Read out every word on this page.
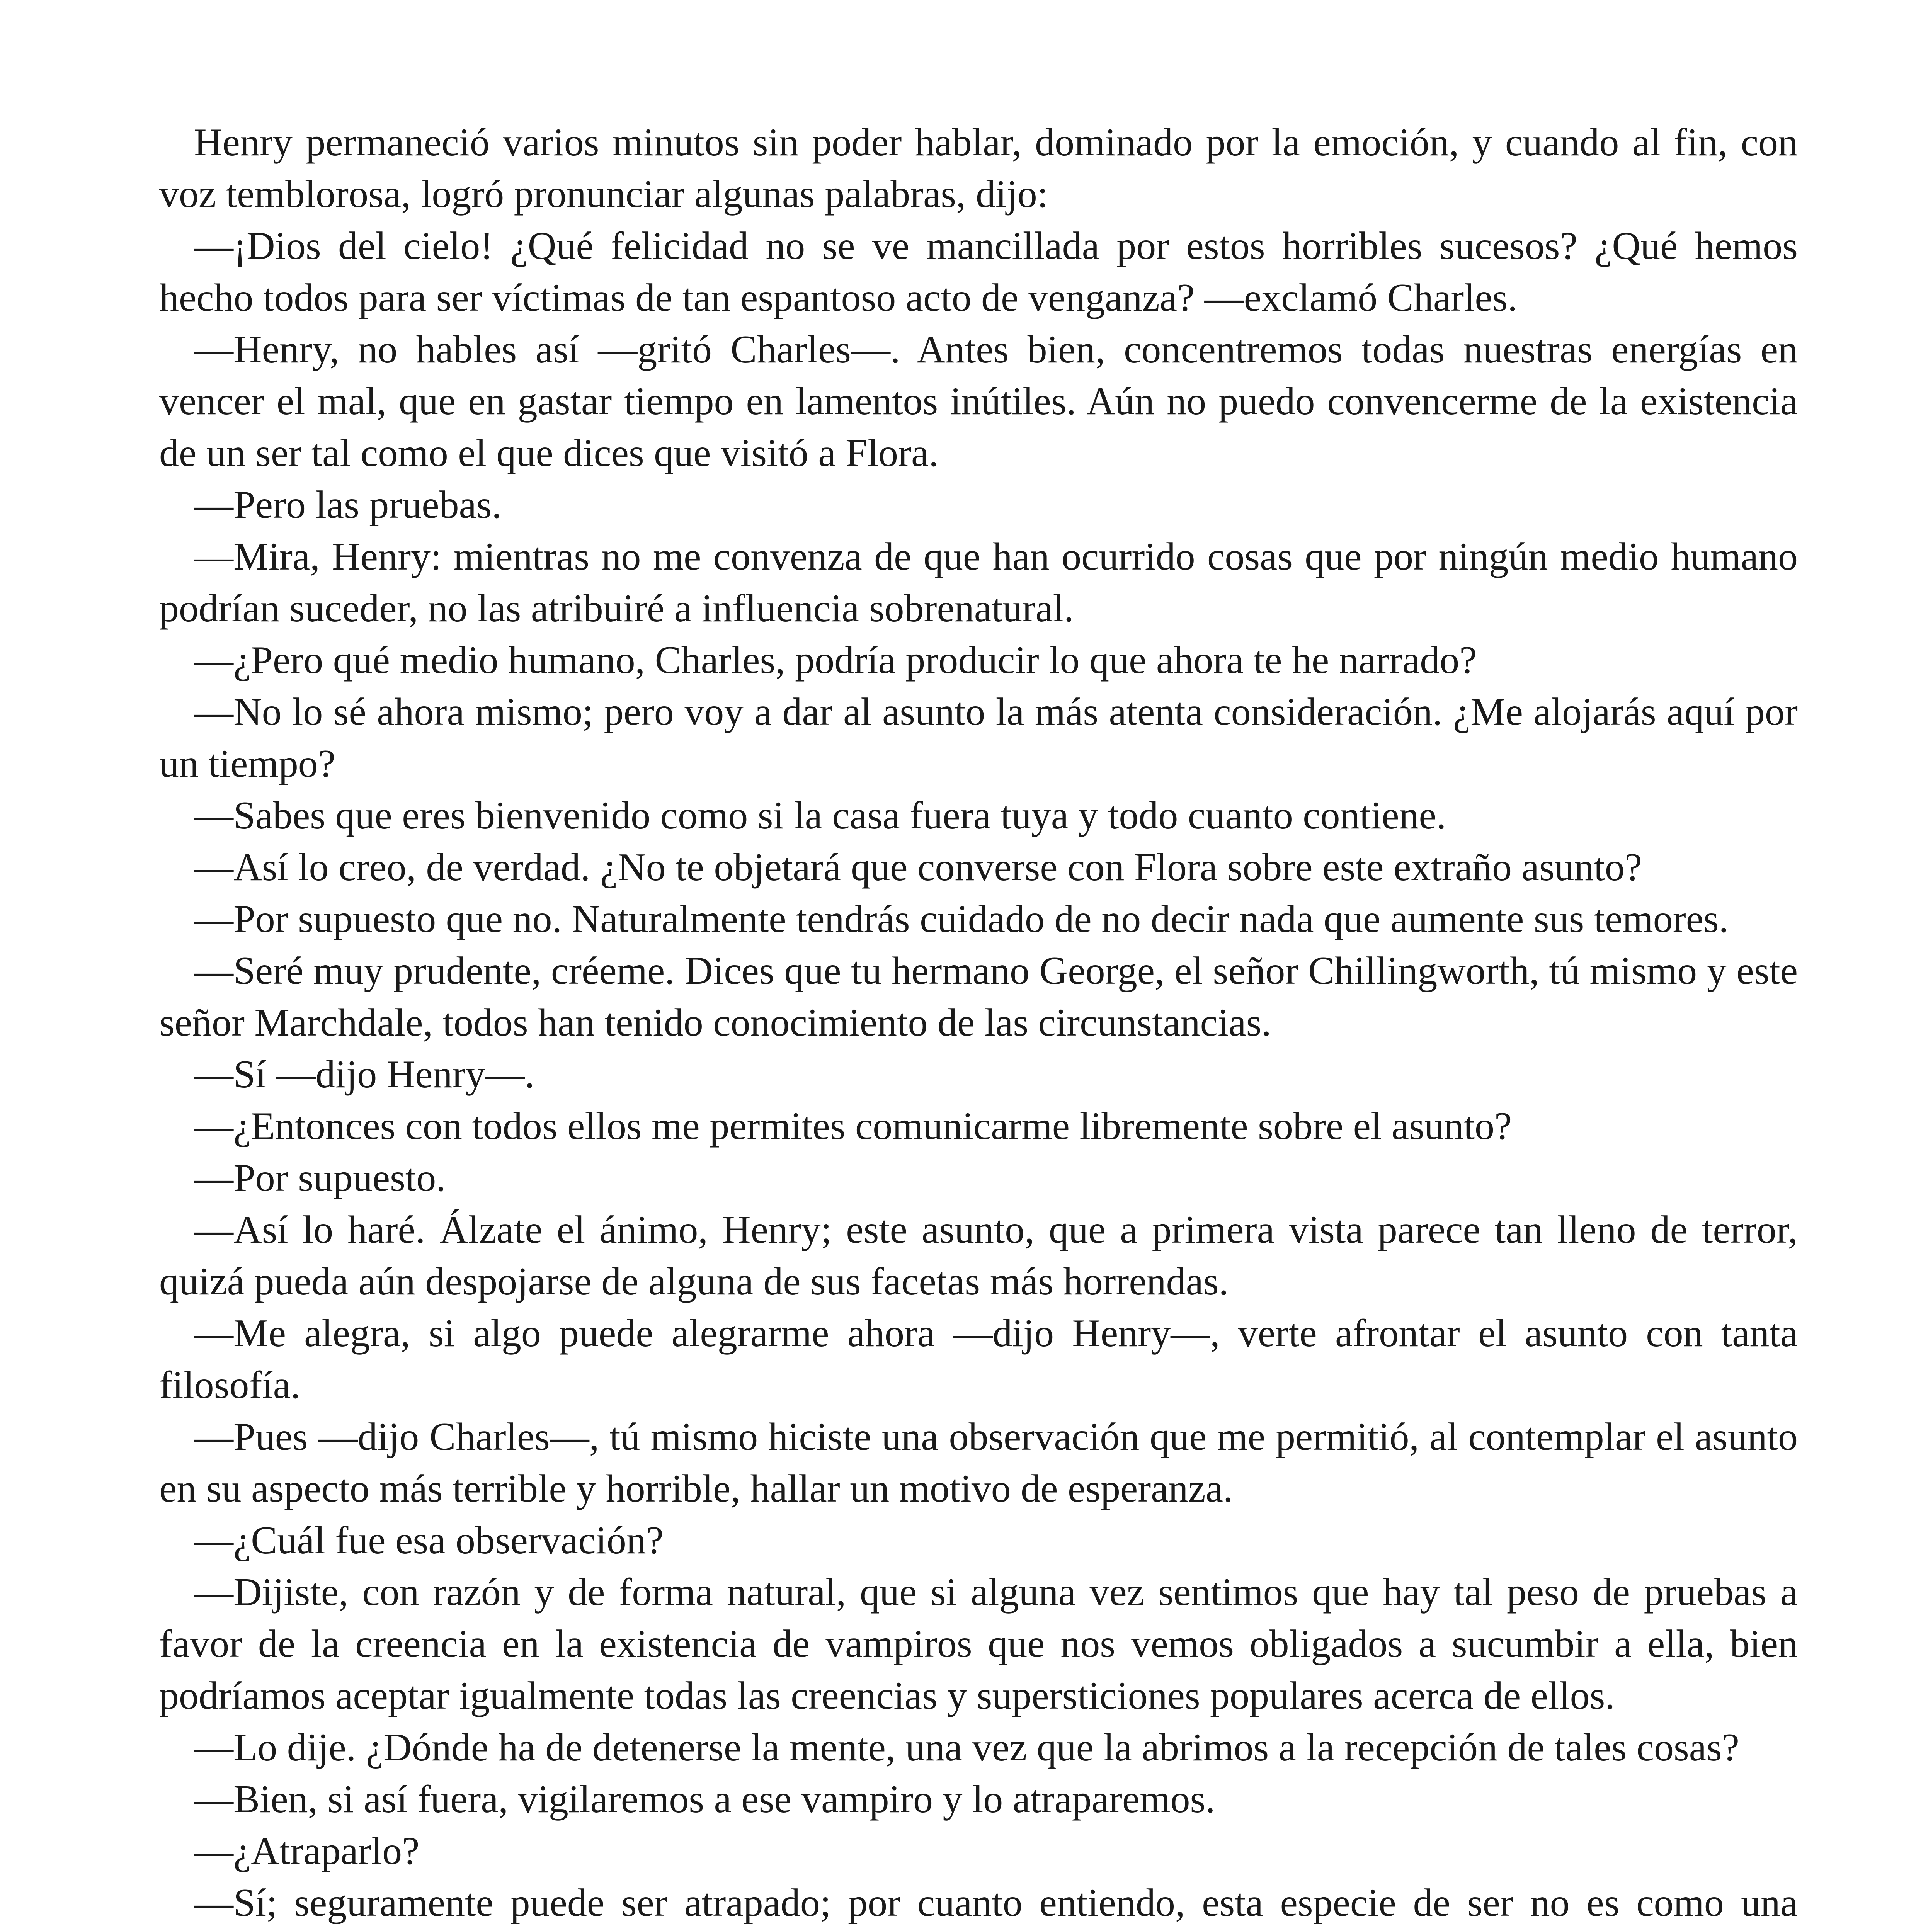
Henry permaneció varios minutos sin poder hablar, dominado por la emoción, y cuando al fin, con voz temblorosa, logró pronunciar algunas palabras, dijo:

—¡Dios del cielo! ¿Qué felicidad no se ve mancillada por estos horribles sucesos? ¿Qué hemos hecho todos para ser víctimas de tan espantoso acto de venganza? —exclamó Charles.

—Henry, no hables así —gritó Charles—. Antes bien, concentremos todas nuestras energías en vencer el mal, que en gastar tiempo en lamentos inútiles. Aún no puedo convencerme de la existencia de un ser tal como el que dices que visitó a Flora.

—Pero las pruebas.

—Mira, Henry: mientras no me convenza de que han ocurrido cosas que por ningún medio humano podrían suceder, no las atribuiré a influencia sobrenatural.

—¿Pero qué medio humano, Charles, podría producir lo que ahora te he narrado?

—No lo sé ahora mismo; pero voy a dar al asunto la más atenta consideración. ¿Me alojarás aquí por un tiempo?

—Sabes que eres bienvenido como si la casa fuera tuya y todo cuanto contiene.

—Así lo creo, de verdad. ¿No te objetará que converse con Flora sobre este extraño asunto?

—Por supuesto que no. Naturalmente tendrás cuidado de no decir nada que aumente sus temores.

—Seré muy prudente, créeme. Dices que tu hermano George, el señor Chillingworth, tú mismo y este señor Marchdale, todos han tenido conocimiento de las circunstancias.

—Sí —dijo Henry—.

—¿Entonces con todos ellos me permites comunicarme libremente sobre el asunto?

—Por supuesto.

—Así lo haré. Álzate el ánimo, Henry; este asunto, que a primera vista parece tan lleno de terror, quizá pueda aún despojarse de alguna de sus facetas más horrendas.

—Me alegra, si algo puede alegrarme ahora —dijo Henry—, verte afrontar el asunto con tanta filosofía.

—Pues —dijo Charles—, tú mismo hiciste una observación que me permitió, al contemplar el asunto en su aspecto más terrible y horrible, hallar un motivo de esperanza.

—¿Cuál fue esa observación?

—Dijiste, con razón y de forma natural, que si alguna vez sentimos que hay tal peso de pruebas a favor de la creencia en la existencia de vampiros que nos vemos obligados a sucumbir a ella, bien podríamos aceptar igualmente todas las creencias y supersticiones populares acerca de ellos.

—Lo dije. ¿Dónde ha de detenerse la mente, una vez que la abrimos a la recepción de tales cosas?

—Bien, si así fuera, vigilaremos a ese vampiro y lo atraparemos.

—¿Atraparlo?

—Sí; seguramente puede ser atrapado; por cuanto entiendo, esta especie de ser no es como una
